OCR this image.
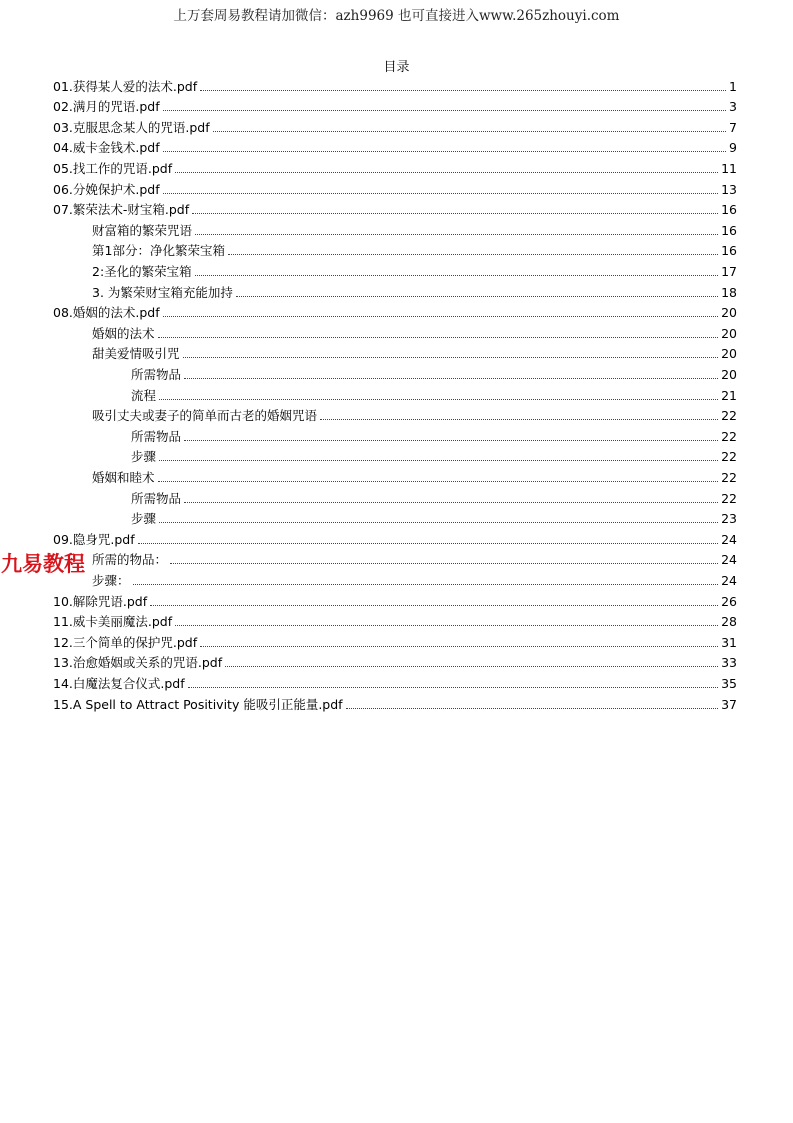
上万套周易教程请加微信：azh9969 也可直接进入www.265zhouyi.com
目录
01.获得某人爱的法术.pdf	1
02.满月的咒语.pdf	3
03.克服思念某人的咒语.pdf	7
04.威卡金钱术.pdf	9
05.找工作的咒语.pdf	11
06.分娩保护术.pdf	13
07.繁荣法术-财宝箱.pdf	16
财富箱的繁荣咒语	16
第1部分：净化繁荣宝箱	16
2:圣化的繁荣宝箱	17
3. 为繁荣财宝箱充能加持	18
08.婚姻的法术.pdf	20
婚姻的法术	20
甜美爱情吸引咒	20
所需物品	20
流程	21
吸引丈夫或妻子的简单而古老的婚姻咒语	22
所需物品	22
步骤	22
婚姻和睦术	22
所需物品	22
步骤	23
09.隐身咒.pdf	24
所需的物品：	24
步骤：	24
10.解除咒语.pdf	26
11.威卡美丽魔法.pdf	28
12.三个简单的保护咒.pdf	31
13.治愈婚姻或关系的咒语.pdf	33
14.白魔法复合仪式.pdf	35
15.A Spell to Attract Positivity 能吸引正能量.pdf	37
九易教程
